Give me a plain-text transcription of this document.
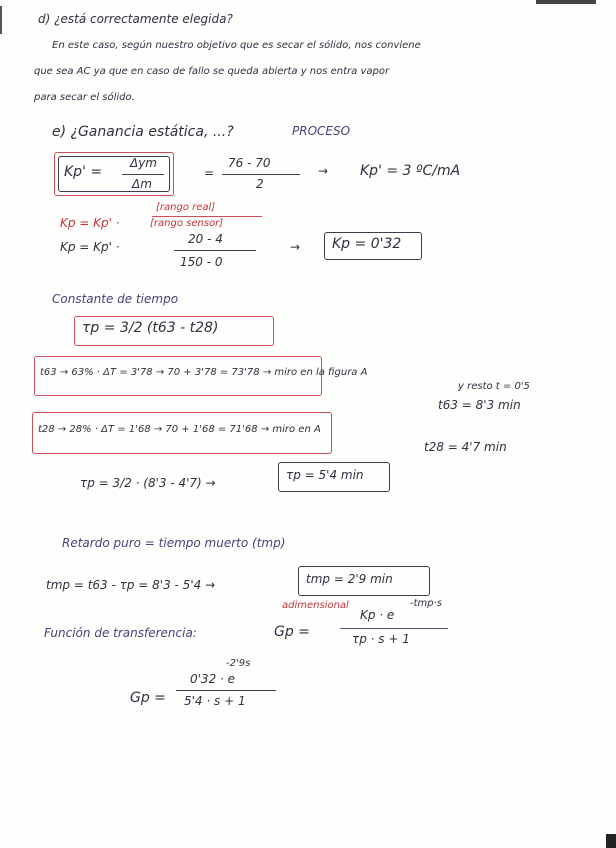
d) ¿está correctamente elegida?
En este caso, según nuestro objetivo que es secar el sólido, nos conviene
que sea AC ya que en caso de fallo se queda abierta y nos entra vapor
para secar el sólido.
e) ¿Ganancia estática, ...?	PROCESO
Kp' =
Δym
Δm
=
76 - 70
2
→ Kp' = 3 ºC/mA
Kp = Kp' ·
[rango real]
[rango sensor]
Kp = Kp' ·
20 - 4
150 - 0
→ Kp = 0'32
Constante de tiempo
τp = 3/2 (t63 - t28)
t63 → 63% · ΔT = 3'78 → 70 + 3'78 = 73'78 → miro en la figura A
y resto t = 0'5
t63 = 8'3 min
t28 → 28% · ΔT = 1'68 → 70 + 1'68 = 71'68 → miro en A
t28 = 4'7 min
τp = 3/2 · (8'3 - 4'7) →
τp = 5'4 min
Retardo puro = tiempo muerto (tmp)
tmp = t63 - τp = 8'3 - 5'4 →	tmp = 2'9 min
adimensional
Función de transferencia:	Gp =
Kp · e
-tmp·s
τp · s + 1
Gp =
0'32 · e
-2'9s
5'4 · s + 1
